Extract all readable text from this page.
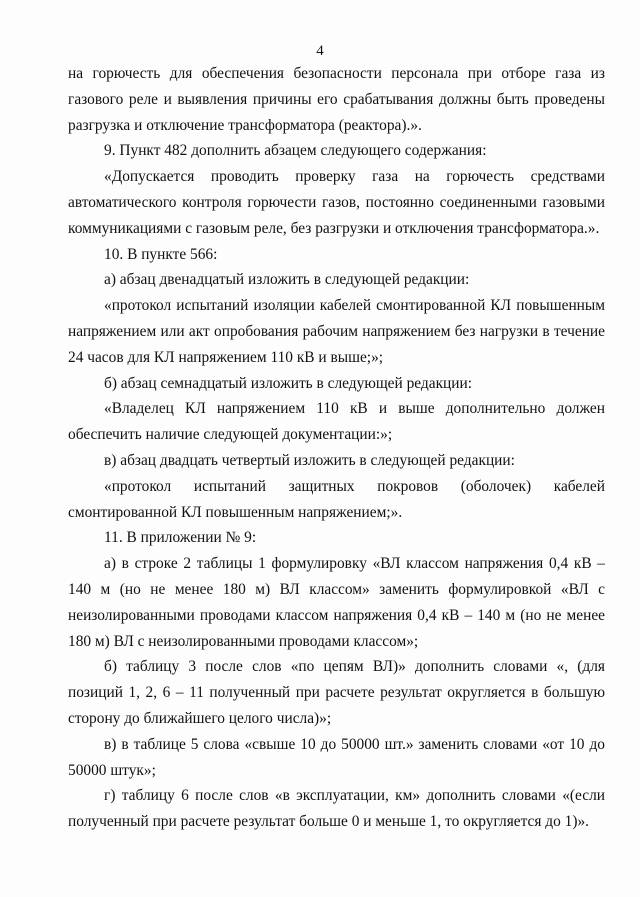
4

на горючесть для обеспечения безопасности персонала при отборе газа из газового реле и выявления причины его срабатывания должны быть проведены разгрузка и отключение трансформатора (реактора).».

9. Пункт 482 дополнить абзацем следующего содержания:

«Допускается проводить проверку газа на горючесть средствами автоматического контроля горючести газов, постоянно соединенными газовыми коммуникациями с газовым реле, без разгрузки и отключения трансформатора.».

10. В пункте 566:

а) абзац двенадцатый изложить в следующей редакции:

«протокол испытаний изоляции кабелей смонтированной КЛ повышенным напряжением или акт опробования рабочим напряжением без нагрузки в течение 24 часов для КЛ напряжением 110 кВ и выше;»;

б) абзац семнадцатый изложить в следующей редакции:

«Владелец КЛ напряжением 110 кВ и выше дополнительно должен обеспечить наличие следующей документации:»;

в) абзац двадцать четвертый изложить в следующей редакции:

«протокол испытаний защитных покровов (оболочек) кабелей смонтированной КЛ повышенным напряжением;».

11. В приложении № 9:

а) в строке 2 таблицы 1 формулировку «ВЛ классом напряжения 0,4 кВ – 140 м (но не менее 180 м) ВЛ классом» заменить формулировкой «ВЛ с неизолированными проводами классом напряжения 0,4 кВ – 140 м (но не менее 180 м) ВЛ с неизолированными проводами классом»;

б) таблицу 3 после слов «по цепям ВЛ)» дополнить словами «, (для позиций 1, 2, 6 – 11 полученный при расчете результат округляется в большую сторону до ближайшего целого числа)»;

в) в таблице 5 слова «свыше 10 до 50000 шт.» заменить словами «от 10 до 50000 штук»;

г) таблицу 6 после слов «в эксплуатации, км» дополнить словами «(если полученный при расчете результат больше 0 и меньше 1, то округляется до 1)».
